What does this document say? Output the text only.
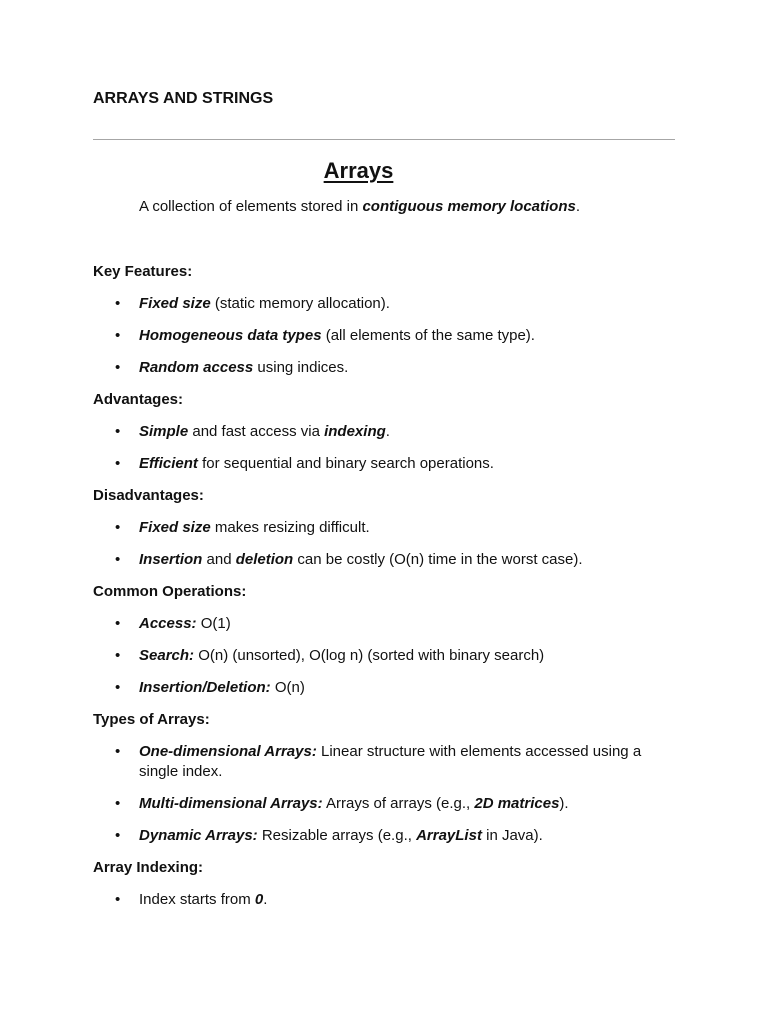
ARRAYS AND STRINGS
Arrays

A collection of elements stored in contiguous memory locations.

Key Features:
• Fixed size (static memory allocation).
• Homogeneous data types (all elements of the same type).
• Random access using indices.
Advantages:
• Simple and fast access via indexing.
• Efficient for sequential and binary search operations.
Disadvantages:
• Fixed size makes resizing difficult.
• Insertion and deletion can be costly (O(n) time in the worst case).
Common Operations:
• Access: O(1)
• Search: O(n) (unsorted), O(log n) (sorted with binary search)
• Insertion/Deletion: O(n)
Types of Arrays:
• One-dimensional Arrays: Linear structure with elements accessed using a single index.
• Multi-dimensional Arrays: Arrays of arrays (e.g., 2D matrices).
• Dynamic Arrays: Resizable arrays (e.g., ArrayList in Java).
Array Indexing:
• Index starts from 0.
